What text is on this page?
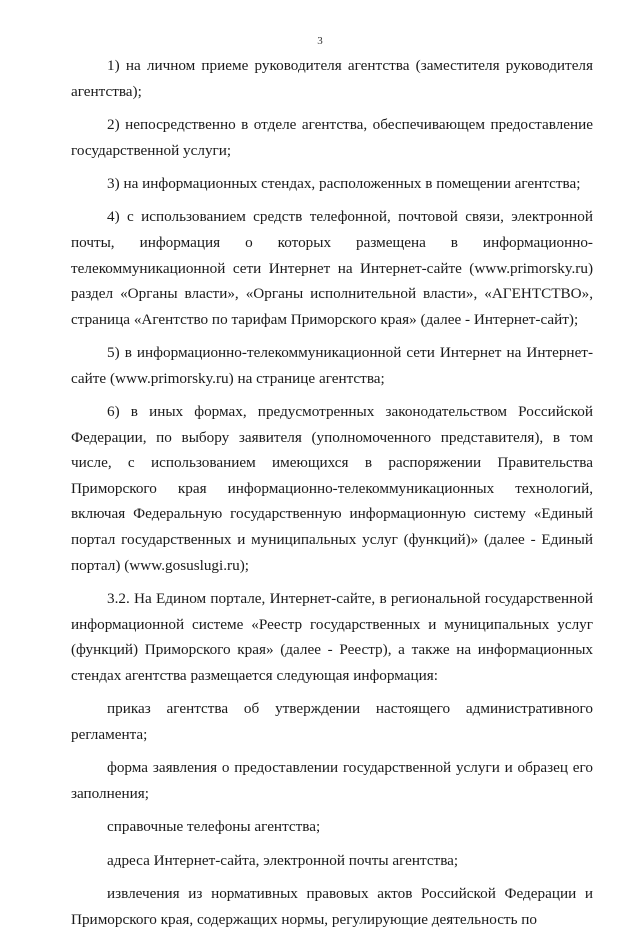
3

1) на личном приеме руководителя агентства (заместителя руководителя агентства);

2) непосредственно в отделе агентства, обеспечивающем предоставление государственной услуги;

3) на информационных стендах, расположенных в помещении агентства;

4) с использованием средств телефонной, почтовой связи, электронной почты, информация о которых размещена в информационно-телекоммуникационной сети Интернет на Интернет-сайте (www.primorsky.ru) раздел «Органы власти», «Органы исполнительной власти», «АГЕНТСТВО», страница «Агентство по тарифам Приморского края» (далее - Интернет-сайт);

5) в информационно-телекоммуникационной сети Интернет на Интернет-сайте (www.primorsky.ru) на странице агентства;

6) в иных формах, предусмотренных законодательством Российской Федерации, по выбору заявителя (уполномоченного представителя), в том числе, с использованием имеющихся в распоряжении Правительства Приморского края информационно-телекоммуникационных технологий, включая Федеральную государственную информационную систему «Единый портал государственных и муниципальных услуг (функций)» (далее - Единый портал) (www.gosuslugi.ru);

3.2. На Едином портале, Интернет-сайте, в региональной государственной информационной системе «Реестр государственных и муниципальных услуг (функций) Приморского края» (далее - Реестр), а также на информационных стендах агентства размещается следующая информация:

приказ агентства об утверждении настоящего административного регламента;

форма заявления о предоставлении государственной услуги и образец его заполнения;

справочные телефоны агентства;

адреса Интернет-сайта, электронной почты агентства;

извлечения из нормативных правовых актов Российской Федерации и Приморского края, содержащих нормы, регулирующие деятельность по
